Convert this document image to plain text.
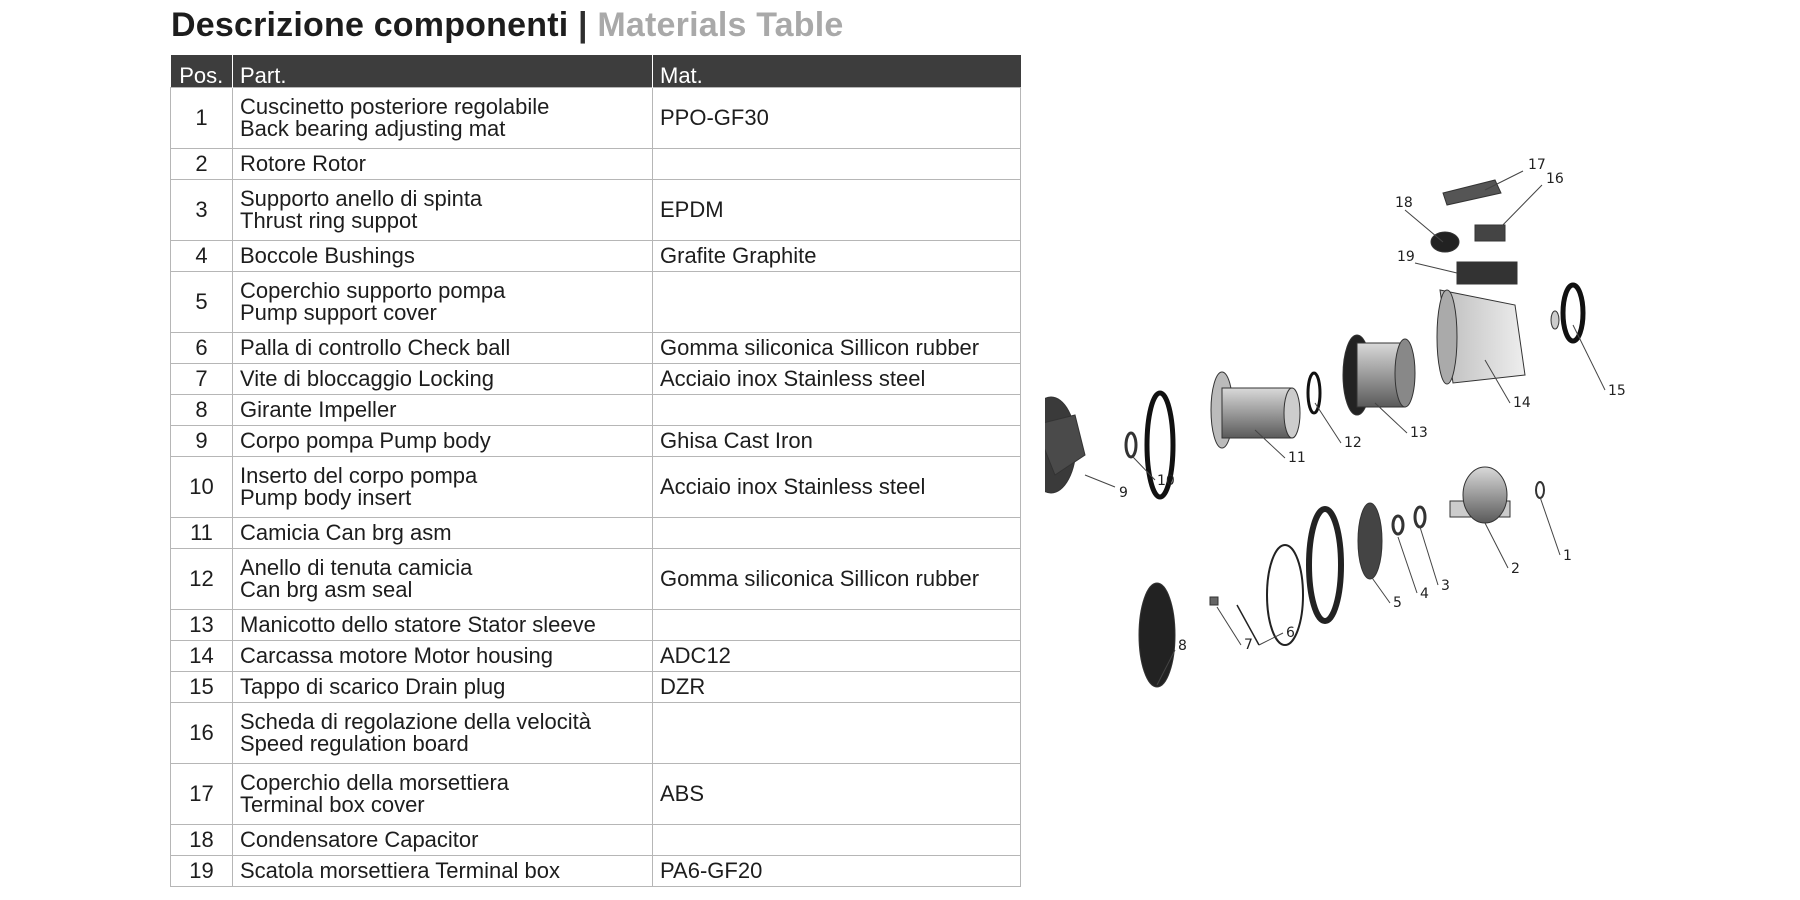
Descrizione componenti | Materials Table
Pos.	Part.	Mat.
1	Cuscinetto posteriore regolabile
Back bearing adjusting mat	PPO-GF30
2	Rotore Rotor	

3	Supporto anello di spinta
Thrust ring suppot	EPDM
4	Boccole Bushings	Grafite Graphite
5	Coperchio supporto pompa
Pump support cover	

6	Palla di controllo Check ball	Gomma siliconica Sillicon rubber
7	Vite di bloccaggio Locking	Acciaio inox Stainless steel
8	Girante Impeller	

9	Corpo pompa Pump body	Ghisa Cast Iron
10	Inserto del corpo pompa
Pump body insert	Acciaio inox Stainless steel
11	Camicia Can brg asm	

12	Anello di tenuta camicia
Can brg asm seal	Gomma siliconica Sillicon rubber
13	Manicotto dello statore Stator sleeve	

14	Carcassa motore Motor housing	ADC12
15	Tappo di scarico Drain plug	DZR
16	Scheda di regolazione della velocità
Speed regulation board	

17	Coperchio della morsettiera
Terminal box cover	ABS
18	Condensatore Capacitor	

19	Scatola morsettiera Terminal box	PA6-GF20
17
16
18
19
15
14
13
12
11
10
9
1
2
3
4
5
6
7
8
